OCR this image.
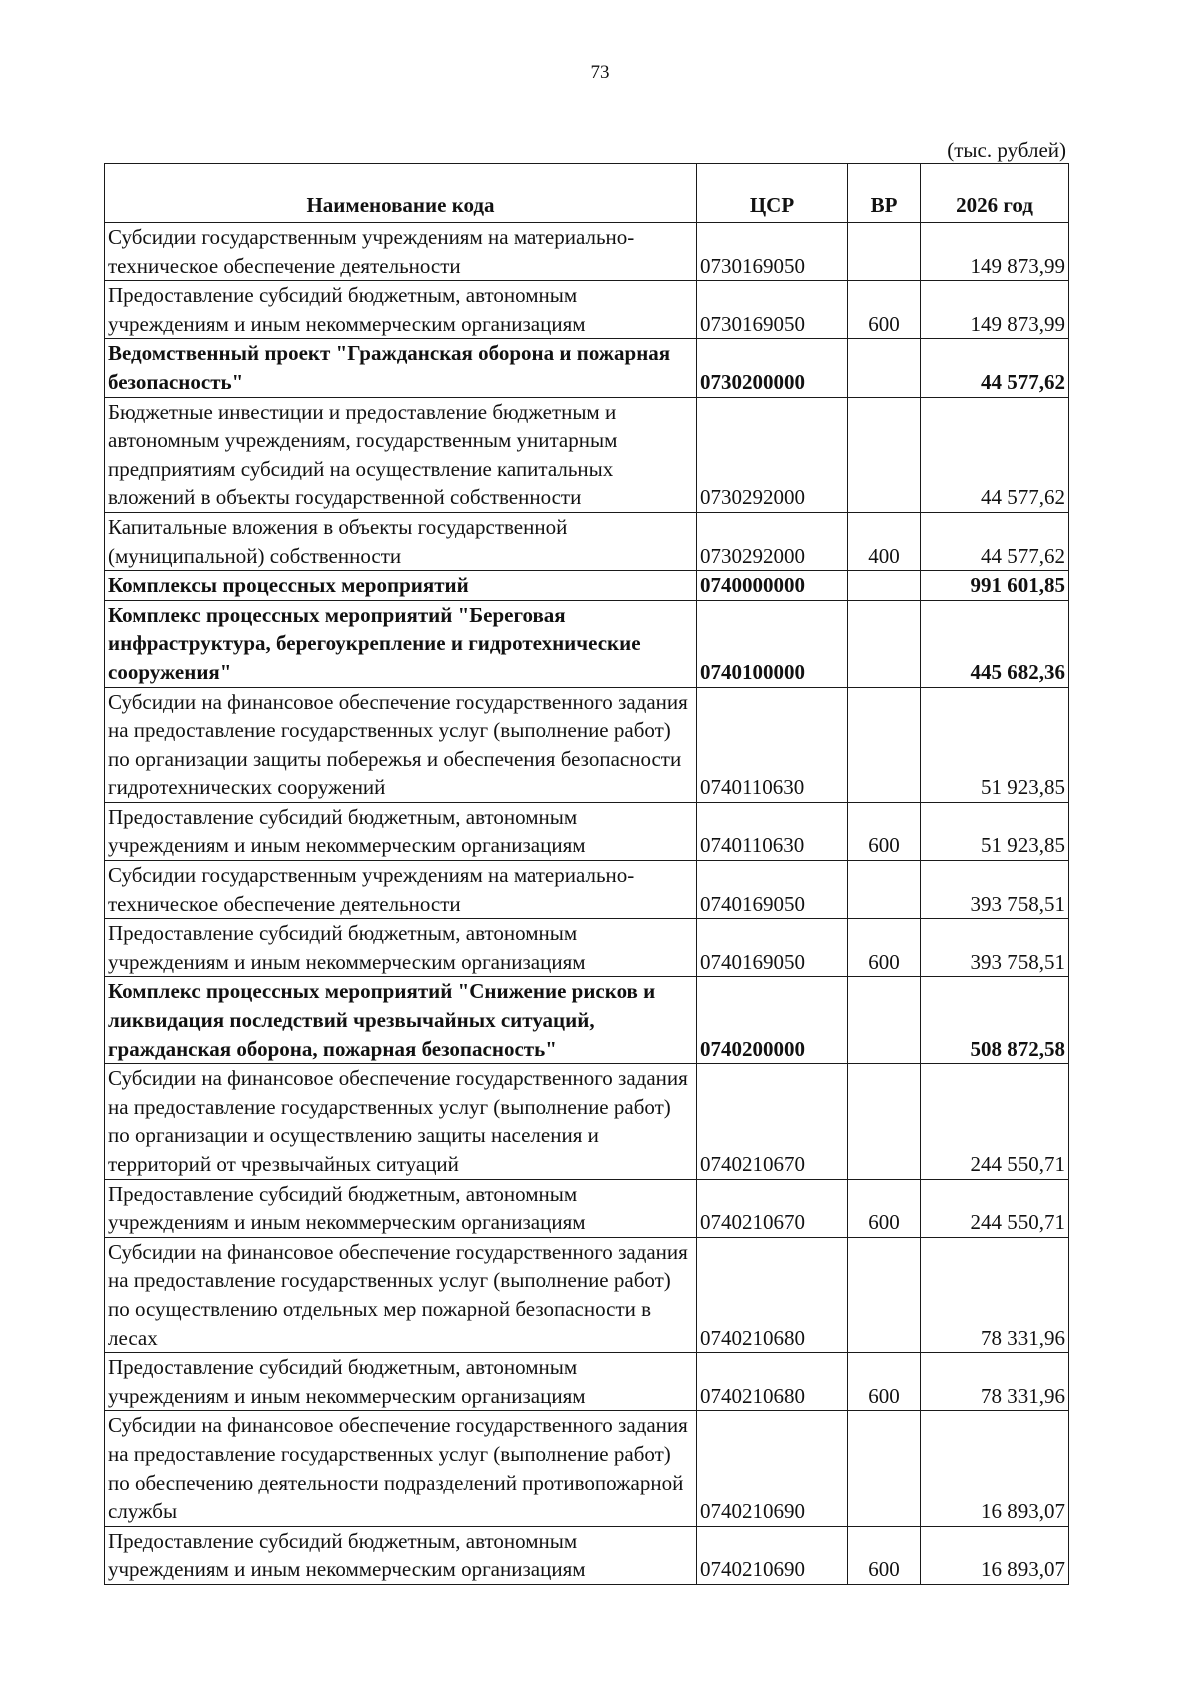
73
(тыс. рублей)
Наименование кода	ЦСР	ВР	2026 год
Субсидии государственным учреждениям на материально-техническое обеспечение деятельности	0730169050		149 873,99
Предоставление субсидий бюджетным, автономным учреждениям и иным некоммерческим организациям	0730169050	600	149 873,99
Ведомственный проект "Гражданская оборона и пожарная безопасность"	0730200000		44 577,62
Бюджетные инвестиции и предоставление бюджетным и автономным учреждениям, государственным унитарным предприятиям субсидий на осуществление капитальных вложений в объекты государственной собственности	0730292000		44 577,62
Капитальные вложения в объекты государственной (муниципальной) собственности	0730292000	400	44 577,62
Комплексы процессных мероприятий	0740000000		991 601,85
Комплекс процессных мероприятий "Береговая инфраструктура, берегоукрепление и гидротехнические сооружения"	0740100000		445 682,36
Субсидии на финансовое обеспечение государственного задания на предоставление государственных услуг (выполнение работ) по организации защиты побережья и обеспечения безопасности гидротехнических сооружений	0740110630		51 923,85
Предоставление субсидий бюджетным, автономным учреждениям и иным некоммерческим организациям	0740110630	600	51 923,85
Субсидии государственным учреждениям на материально-техническое обеспечение деятельности	0740169050		393 758,51
Предоставление субсидий бюджетным, автономным учреждениям и иным некоммерческим организациям	0740169050	600	393 758,51
Комплекс процессных мероприятий "Снижение рисков и ликвидация последствий чрезвычайных ситуаций, гражданская оборона, пожарная безопасность"	0740200000		508 872,58
Субсидии на финансовое обеспечение государственного задания на предоставление государственных услуг (выполнение работ) по организации и осуществлению защиты населения и территорий от чрезвычайных ситуаций	0740210670		244 550,71
Предоставление субсидий бюджетным, автономным учреждениям и иным некоммерческим организациям	0740210670	600	244 550,71
Субсидии на финансовое обеспечение государственного задания на предоставление государственных услуг (выполнение работ) по осуществлению отдельных мер пожарной безопасности в лесах	0740210680		78 331,96
Предоставление субсидий бюджетным, автономным учреждениям и иным некоммерческим организациям	0740210680	600	78 331,96
Субсидии на финансовое обеспечение государственного задания на предоставление государственных услуг (выполнение работ) по обеспечению деятельности подразделений противопожарной службы	0740210690		16 893,07
Предоставление субсидий бюджетным, автономным учреждениям и иным некоммерческим организациям	0740210690	600	16 893,07
